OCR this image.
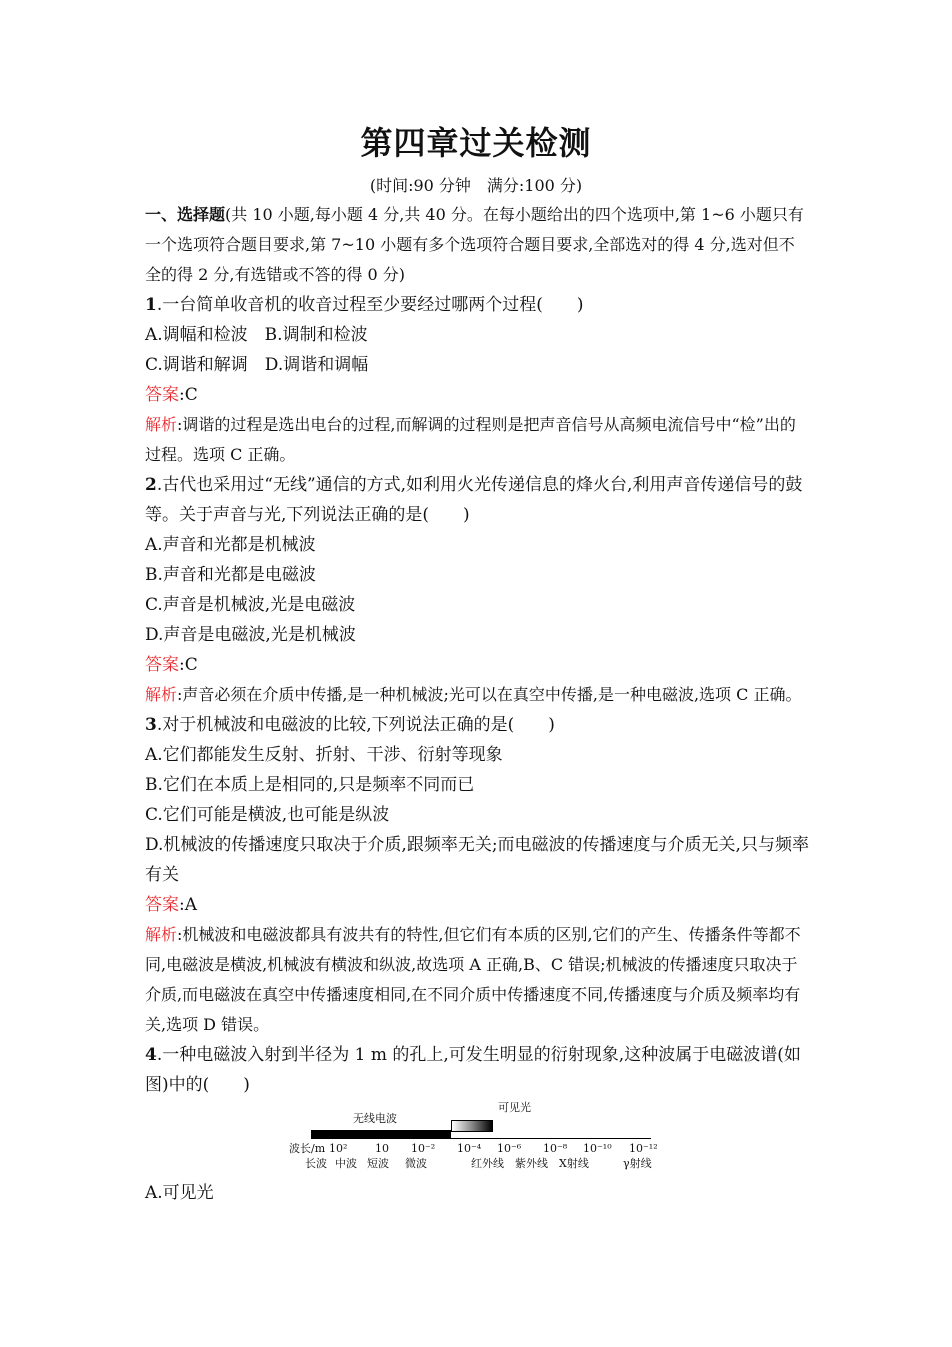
第四章过关检测
(时间:90 分钟　满分:100 分)

一、选择题(共 10 小题,每小题 4 分,共 40 分。在每小题给出的四个选项中,第 1~6 小题只有一个选项符合题目要求,第 7~10 小题有多个选项符合题目要求,全部选对的得 4 分,选对但不全的得 2 分,有选错或不答的得 0 分)

1.一台简单收音机的收音过程至少要经过哪两个过程(　　)

A.调幅和检波　B.调制和检波

C.调谐和解调　D.调谐和调幅

答案:C

解析:调谐的过程是选出电台的过程,而解调的过程则是把声音信号从高频电流信号中“检”出的过程。选项 C 正确。

2.古代也采用过“无线”通信的方式,如利用火光传递信息的烽火台,利用声音传递信号的鼓等。关于声音与光,下列说法正确的是(　　)

A.声音和光都是机械波

B.声音和光都是电磁波

C.声音是机械波,光是电磁波

D.声音是电磁波,光是机械波

答案:C

解析:声音必须在介质中传播,是一种机械波;光可以在真空中传播,是一种电磁波,选项 C 正确。

3.对于机械波和电磁波的比较,下列说法正确的是(　　)

A.它们都能发生反射、折射、干涉、衍射等现象

B.它们在本质上是相同的,只是频率不同而已

C.它们可能是横波,也可能是纵波

D.机械波的传播速度只取决于介质,跟频率无关;而电磁波的传播速度与介质无关,只与频率有关

答案:A

解析:机械波和电磁波都具有波共有的特性,但它们有本质的区别,它们的产生、传播条件等都不同,电磁波是横波,机械波有横波和纵波,故选项 A 正确,B、C 错误;机械波的传播速度只取决于介质,而电磁波在真空中传播速度相同,在不同介质中传播速度不同,传播速度与介质及频率均有关,选项 D 错误。

4.一种电磁波入射到半径为 1 m 的孔上,可发生明显的衍射现象,这种波属于电磁波谱(如图)中的(　　)

可见光
无线电波
波长/m 10²	10 10⁻² 10⁻⁴ 10⁻⁶ 10⁻⁸ 10⁻¹⁰ 10⁻¹²
长波 中波 短波 微波	红外线 紫外线 X射线	γ射线

A.可见光
